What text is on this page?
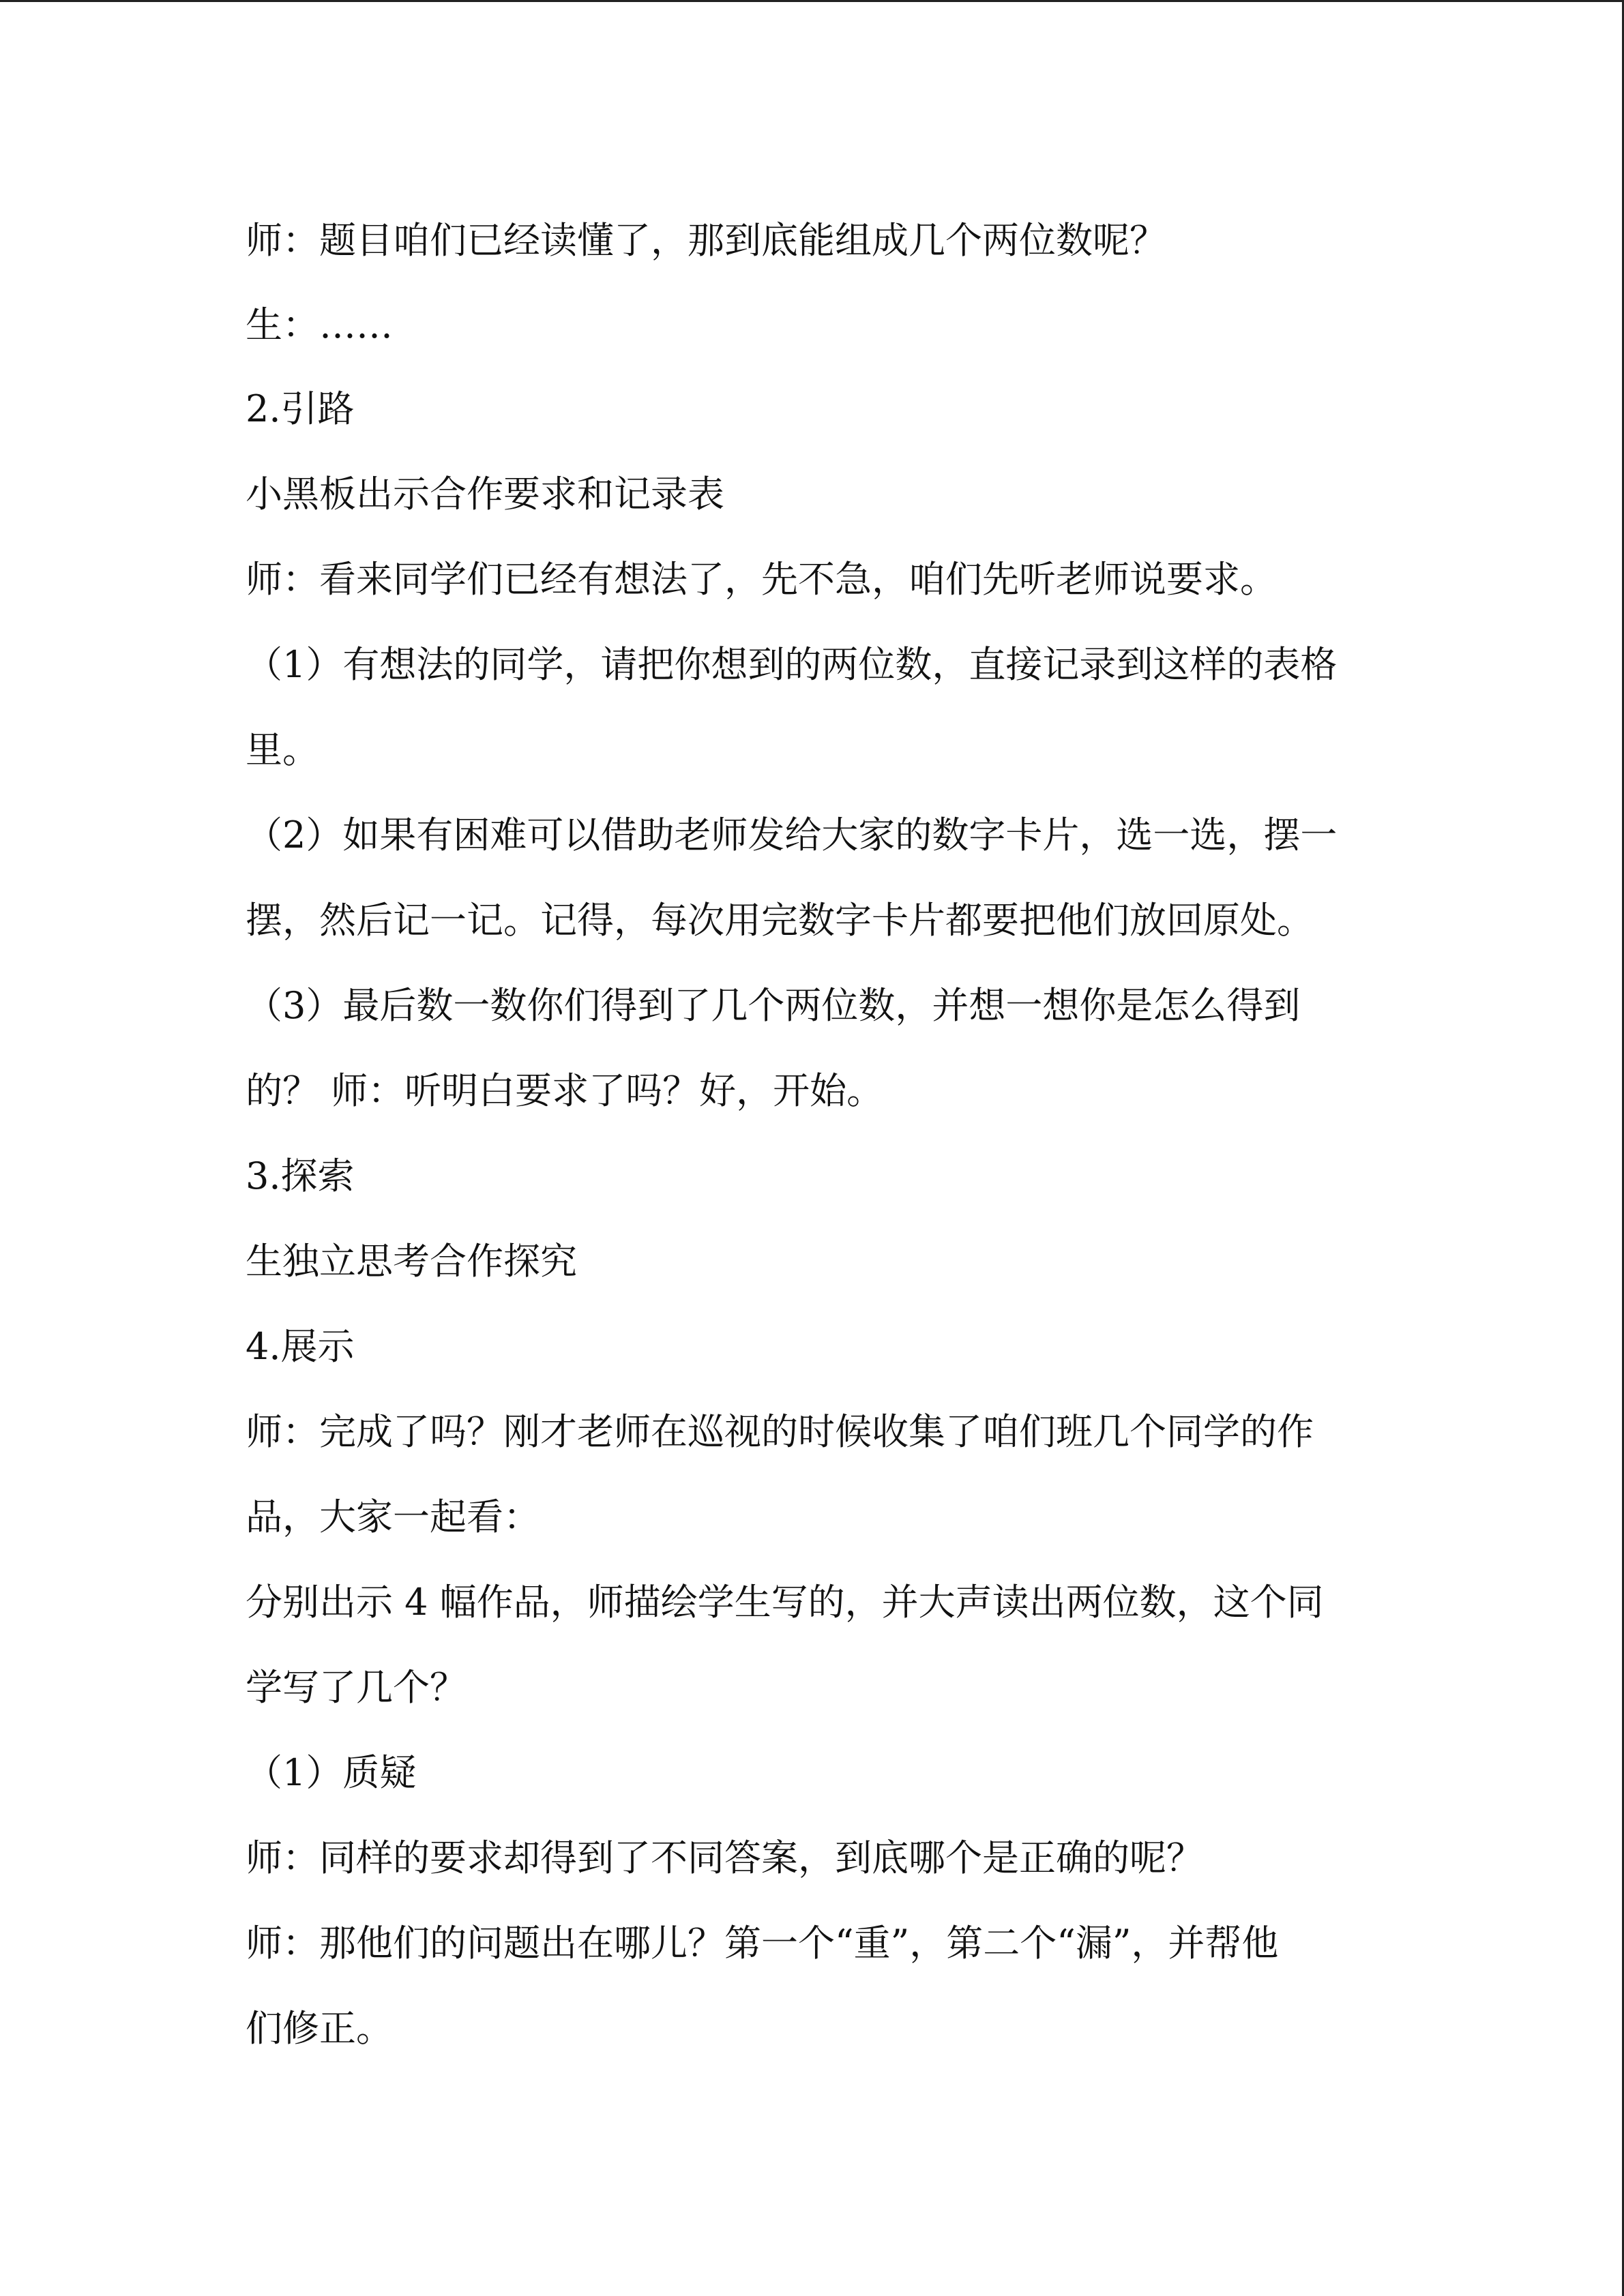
师：题目咱们已经读懂了，那到底能组成几个两位数呢？
生：……
2.引路
小黑板出示合作要求和记录表
师：看来同学们已经有想法了，先不急，咱们先听老师说要求。
（1）有想法的同学，请把你想到的两位数，直接记录到这样的表格
里。
（2）如果有困难可以借助老师发给大家的数字卡片，选一选，摆一
摆，然后记一记。记得，每次用完数字卡片都要把他们放回原处。
（3）最后数一数你们得到了几个两位数，并想一想你是怎么得到
的？ 师：听明白要求了吗？好，开始。
3.探索
生独立思考合作探究
4.展示
师：完成了吗？刚才老师在巡视的时候收集了咱们班几个同学的作
品，大家一起看：
分别出示 4 幅作品，师描绘学生写的，并大声读出两位数，这个同
学写了几个？
（1）质疑
师：同样的要求却得到了不同答案，到底哪个是正确的呢？
师：那他们的问题出在哪儿？第一个“重”，第二个“漏”，并帮他
们修正。
